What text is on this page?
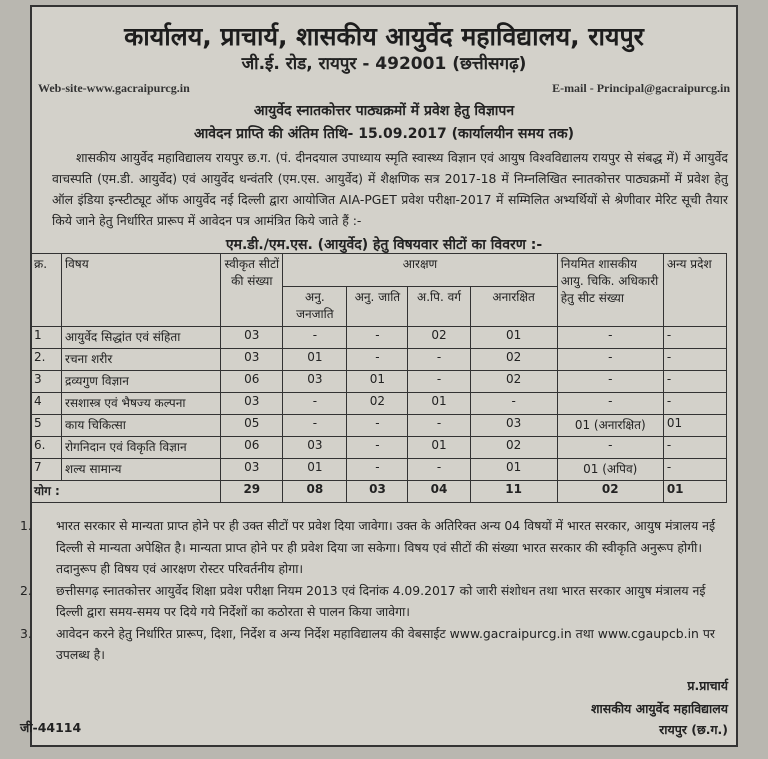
कार्यालय, प्राचार्य, शासकीय आयुर्वेद महाविद्यालय, रायपुर
जी.ई. रोड, रायपुर - 492001 (छत्तीसगढ़)
Web-site-www.gacraipurcg.in	E-mail - Principal@gacraipurcg.in
आयुर्वेद स्नातकोत्तर पाठ्यक्रमों में प्रवेश हेतु विज्ञापन
आवेदन प्राप्ति की अंतिम तिथि- 15.09.2017 (कार्यालयीन समय तक)
शासकीय आयुर्वेद महाविद्यालय रायपुर छ.ग. (पं. दीनदयाल उपाध्याय स्मृति स्वास्थ्य विज्ञान एवं आयुष विश्वविद्यालय रायपुर से संबद्ध में) में आयुर्वेद वाचस्पति (एम.डी. आयुर्वेद) एवं आयुर्वेद धन्वंतरि (एम.एस. आयुर्वेद) में शैक्षणिक सत्र 2017-18 में निम्नलिखित स्नातकोत्तर पाठ्यक्रमों में प्रवेश हेतु ऑल इंडिया इन्स्टीट्यूट ऑफ आयुर्वेद नई दिल्ली द्वारा आयोजित AIA-PGET प्रवेश परीक्षा-2017 में सम्मिलित अभ्यर्थियों से श्रेणीवार मेरिट सूची तैयार किये जाने हेतु निर्धारित प्रारूप में आवेदन पत्र आमंत्रित किये जाते हैं :-
एम.डी./एम.एस. (आयुर्वेद) हेतु विषयवार सीटों का विवरण :-
क्र.	विषय	स्वीकृत सीटों की संख्या	आरक्षण				नियमित शासकीय आयु. चिकि. अधिकारी हेतु सीट संख्या	अन्य प्रदेश
			अनु. जनजाति	अनु. जाति	अ.पि. वर्ग	अनारक्षित		
1	आयुर्वेद सिद्धांत एवं संहिता	03	-	-	02	01	-	-
2.	रचना शरीर	03	01	-	-	02	-	-
3	द्रव्यगुण विज्ञान	06	03	01	-	02	-	-
4	रसशास्त्र एवं भैषज्य कल्पना	03	-	02	01	-	-	-
5	काय चिकित्सा	05	-	-	-	03	01 (अनारक्षित)	01
6.	रोगनिदान एवं विकृति विज्ञान	06	03	-	01	02	-	-
7	शल्य सामान्य	03	01	-	-	01	01 (अपिव)	-
योग :		29	08	03	04	11	02	01
1.	भारत सरकार से मान्यता प्राप्त होने पर ही उक्त सीटों पर प्रवेश दिया जावेगा। उक्त के अतिरिक्त अन्य 04 विषयों में भारत सरकार, आयुष मंत्रालय नई दिल्ली से मान्यता अपेक्षित है। मान्यता प्राप्त होने पर ही प्रवेश दिया जा सकेगा। विषय एवं सीटों की संख्या भारत सरकार की स्वीकृति अनुरूप होगी। तदानुरूप ही विषय एवं आरक्षण रोस्टर परिवर्तनीय होगा।
2.	छत्तीसगढ़ स्नातकोत्तर आयुर्वेद शिक्षा प्रवेश परीक्षा नियम 2013 एवं दिनांक 4.09.2017 को जारी संशोधन तथा भारत सरकार आयुष मंत्रालय नई दिल्ली द्वारा समय-समय पर दिये गये निर्देशों का कठोरता से पालन किया जावेगा।
3.	आवेदन करने हेतु निर्धारित प्रारूप, दिशा, निर्देश व अन्य निर्देश महाविद्यालय की वेबसाईट www.gacraipurcg.in तथा www.cgaupcb.in पर उपलब्ध है।
प्र.प्राचार्य
शासकीय आयुर्वेद महाविद्यालय
रायपुर (छ.ग.)
जी-44114
